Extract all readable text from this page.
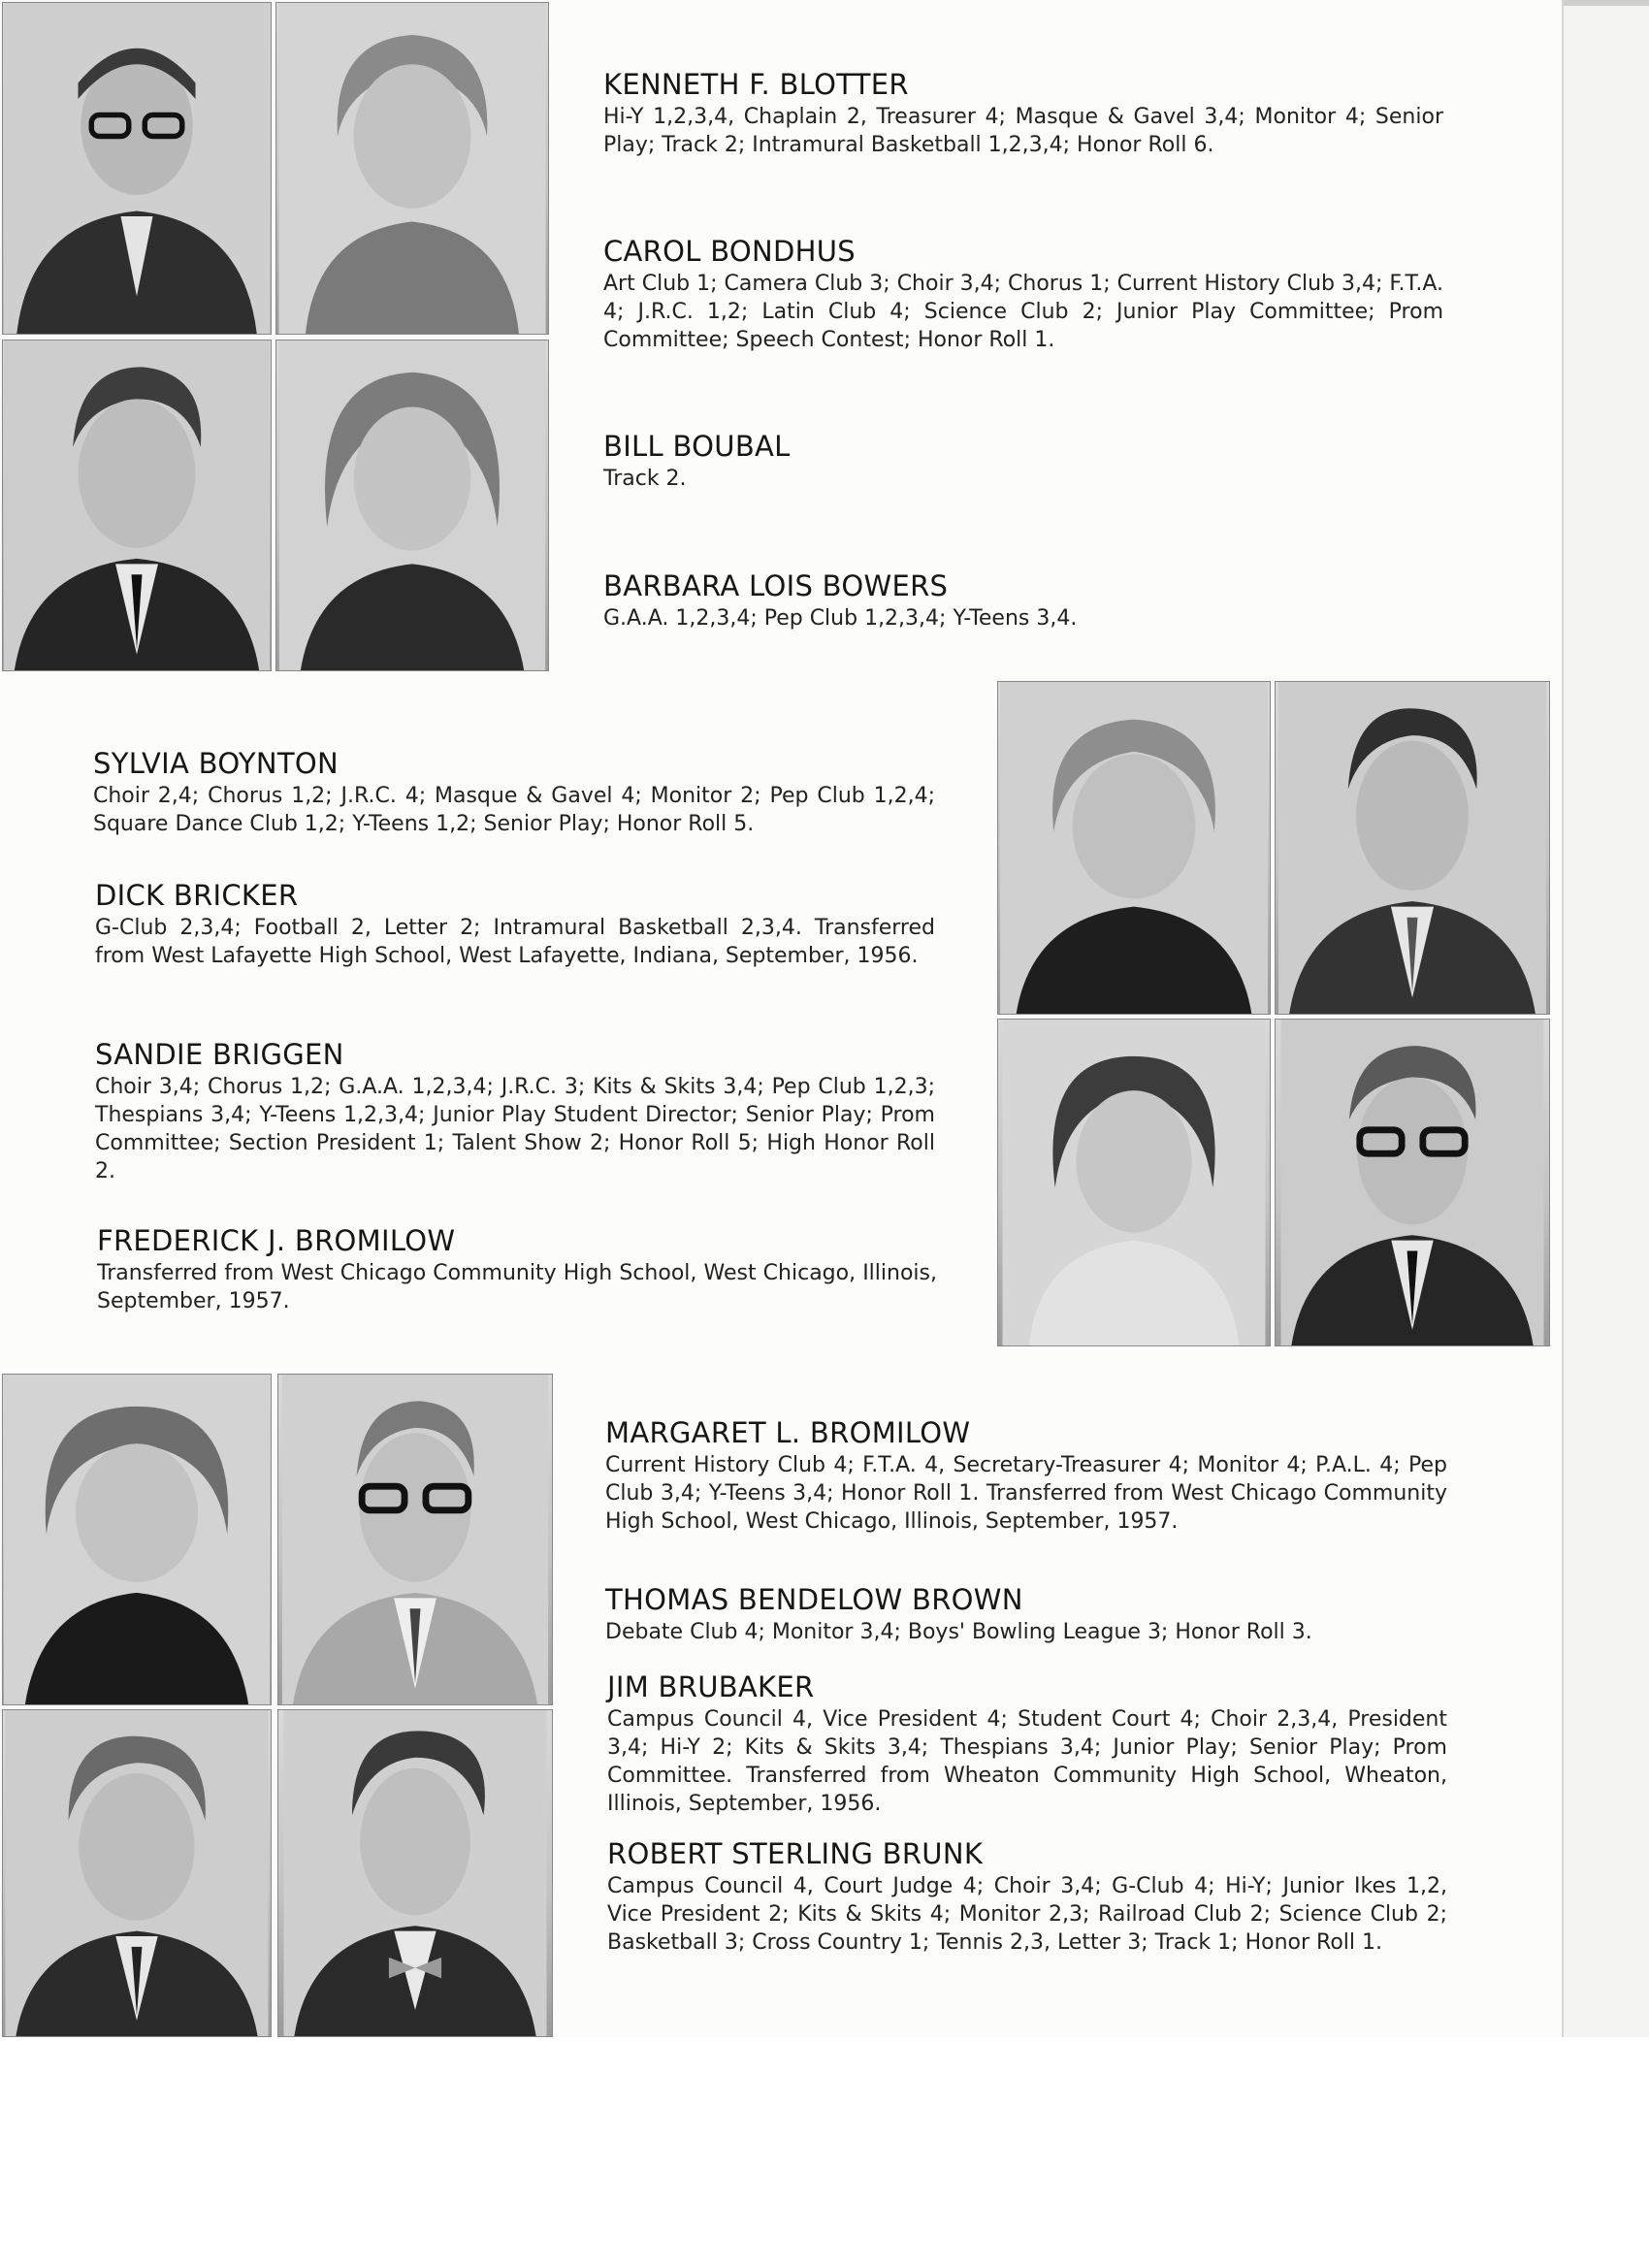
KENNETH F. BLOTTER
Hi-Y 1,2,3,4, Chaplain 2, Treasurer 4; Masque & Gavel 3,4; Monitor 4; Senior Play; Track 2; Intramural Basketball 1,2,3,4; Honor Roll 6.
CAROL BONDHUS
Art Club 1; Camera Club 3; Choir 3,4; Chorus 1; Current History Club 3,4; F.T.A. 4; J.R.C. 1,2; Latin Club 4; Science Club 2; Junior Play Committee; Prom Committee; Speech Contest; Honor Roll 1.
BILL BOUBAL
Track 2.
BARBARA LOIS BOWERS
G.A.A. 1,2,3,4; Pep Club 1,2,3,4; Y-Teens 3,4.
SYLVIA BOYNTON
Choir 2,4; Chorus 1,2; J.R.C. 4; Masque & Gavel 4; Monitor 2; Pep Club 1,2,4; Square Dance Club 1,2; Y-Teens 1,2; Senior Play; Honor Roll 5.
DICK BRICKER
G-Club 2,3,4; Football 2, Letter 2; Intramural Basketball 2,3,4. Transferred from West Lafayette High School, West Lafayette, Indiana, September, 1956.
SANDIE BRIGGEN
Choir 3,4; Chorus 1,2; G.A.A. 1,2,3,4; J.R.C. 3; Kits & Skits 3,4; Pep Club 1,2,3; Thespians 3,4; Y-Teens 1,2,3,4; Junior Play Student Director; Senior Play; Prom Committee; Section President 1; Talent Show 2; Honor Roll 5; High Honor Roll 2.
FREDERICK J. BROMILOW
Transferred from West Chicago Community High School, West Chicago, Illinois, September, 1957.
MARGARET L. BROMILOW
Current History Club 4; F.T.A. 4, Secretary-Treasurer 4; Monitor 4; P.A.L. 4; Pep Club 3,4; Y-Teens 3,4; Honor Roll 1. Transferred from West Chicago Community High School, West Chicago, Illinois, September, 1957.
THOMAS BENDELOW BROWN
Debate Club 4; Monitor 3,4; Boys' Bowling League 3; Honor Roll 3.
JIM BRUBAKER
Campus Council 4, Vice President 4; Student Court 4; Choir 2,3,4, President 3,4; Hi-Y 2; Kits & Skits 3,4; Thespians 3,4; Junior Play; Senior Play; Prom Committee. Transferred from Wheaton Community High School, Wheaton, Illinois, September, 1956.
ROBERT STERLING BRUNK
Campus Council 4, Court Judge 4; Choir 3,4; G-Club 4; Hi-Y; Junior Ikes 1,2, Vice President 2; Kits & Skits 4; Monitor 2,3; Railroad Club 2; Science Club 2; Basketball 3; Cross Country 1; Tennis 2,3, Letter 3; Track 1; Honor Roll 1.
